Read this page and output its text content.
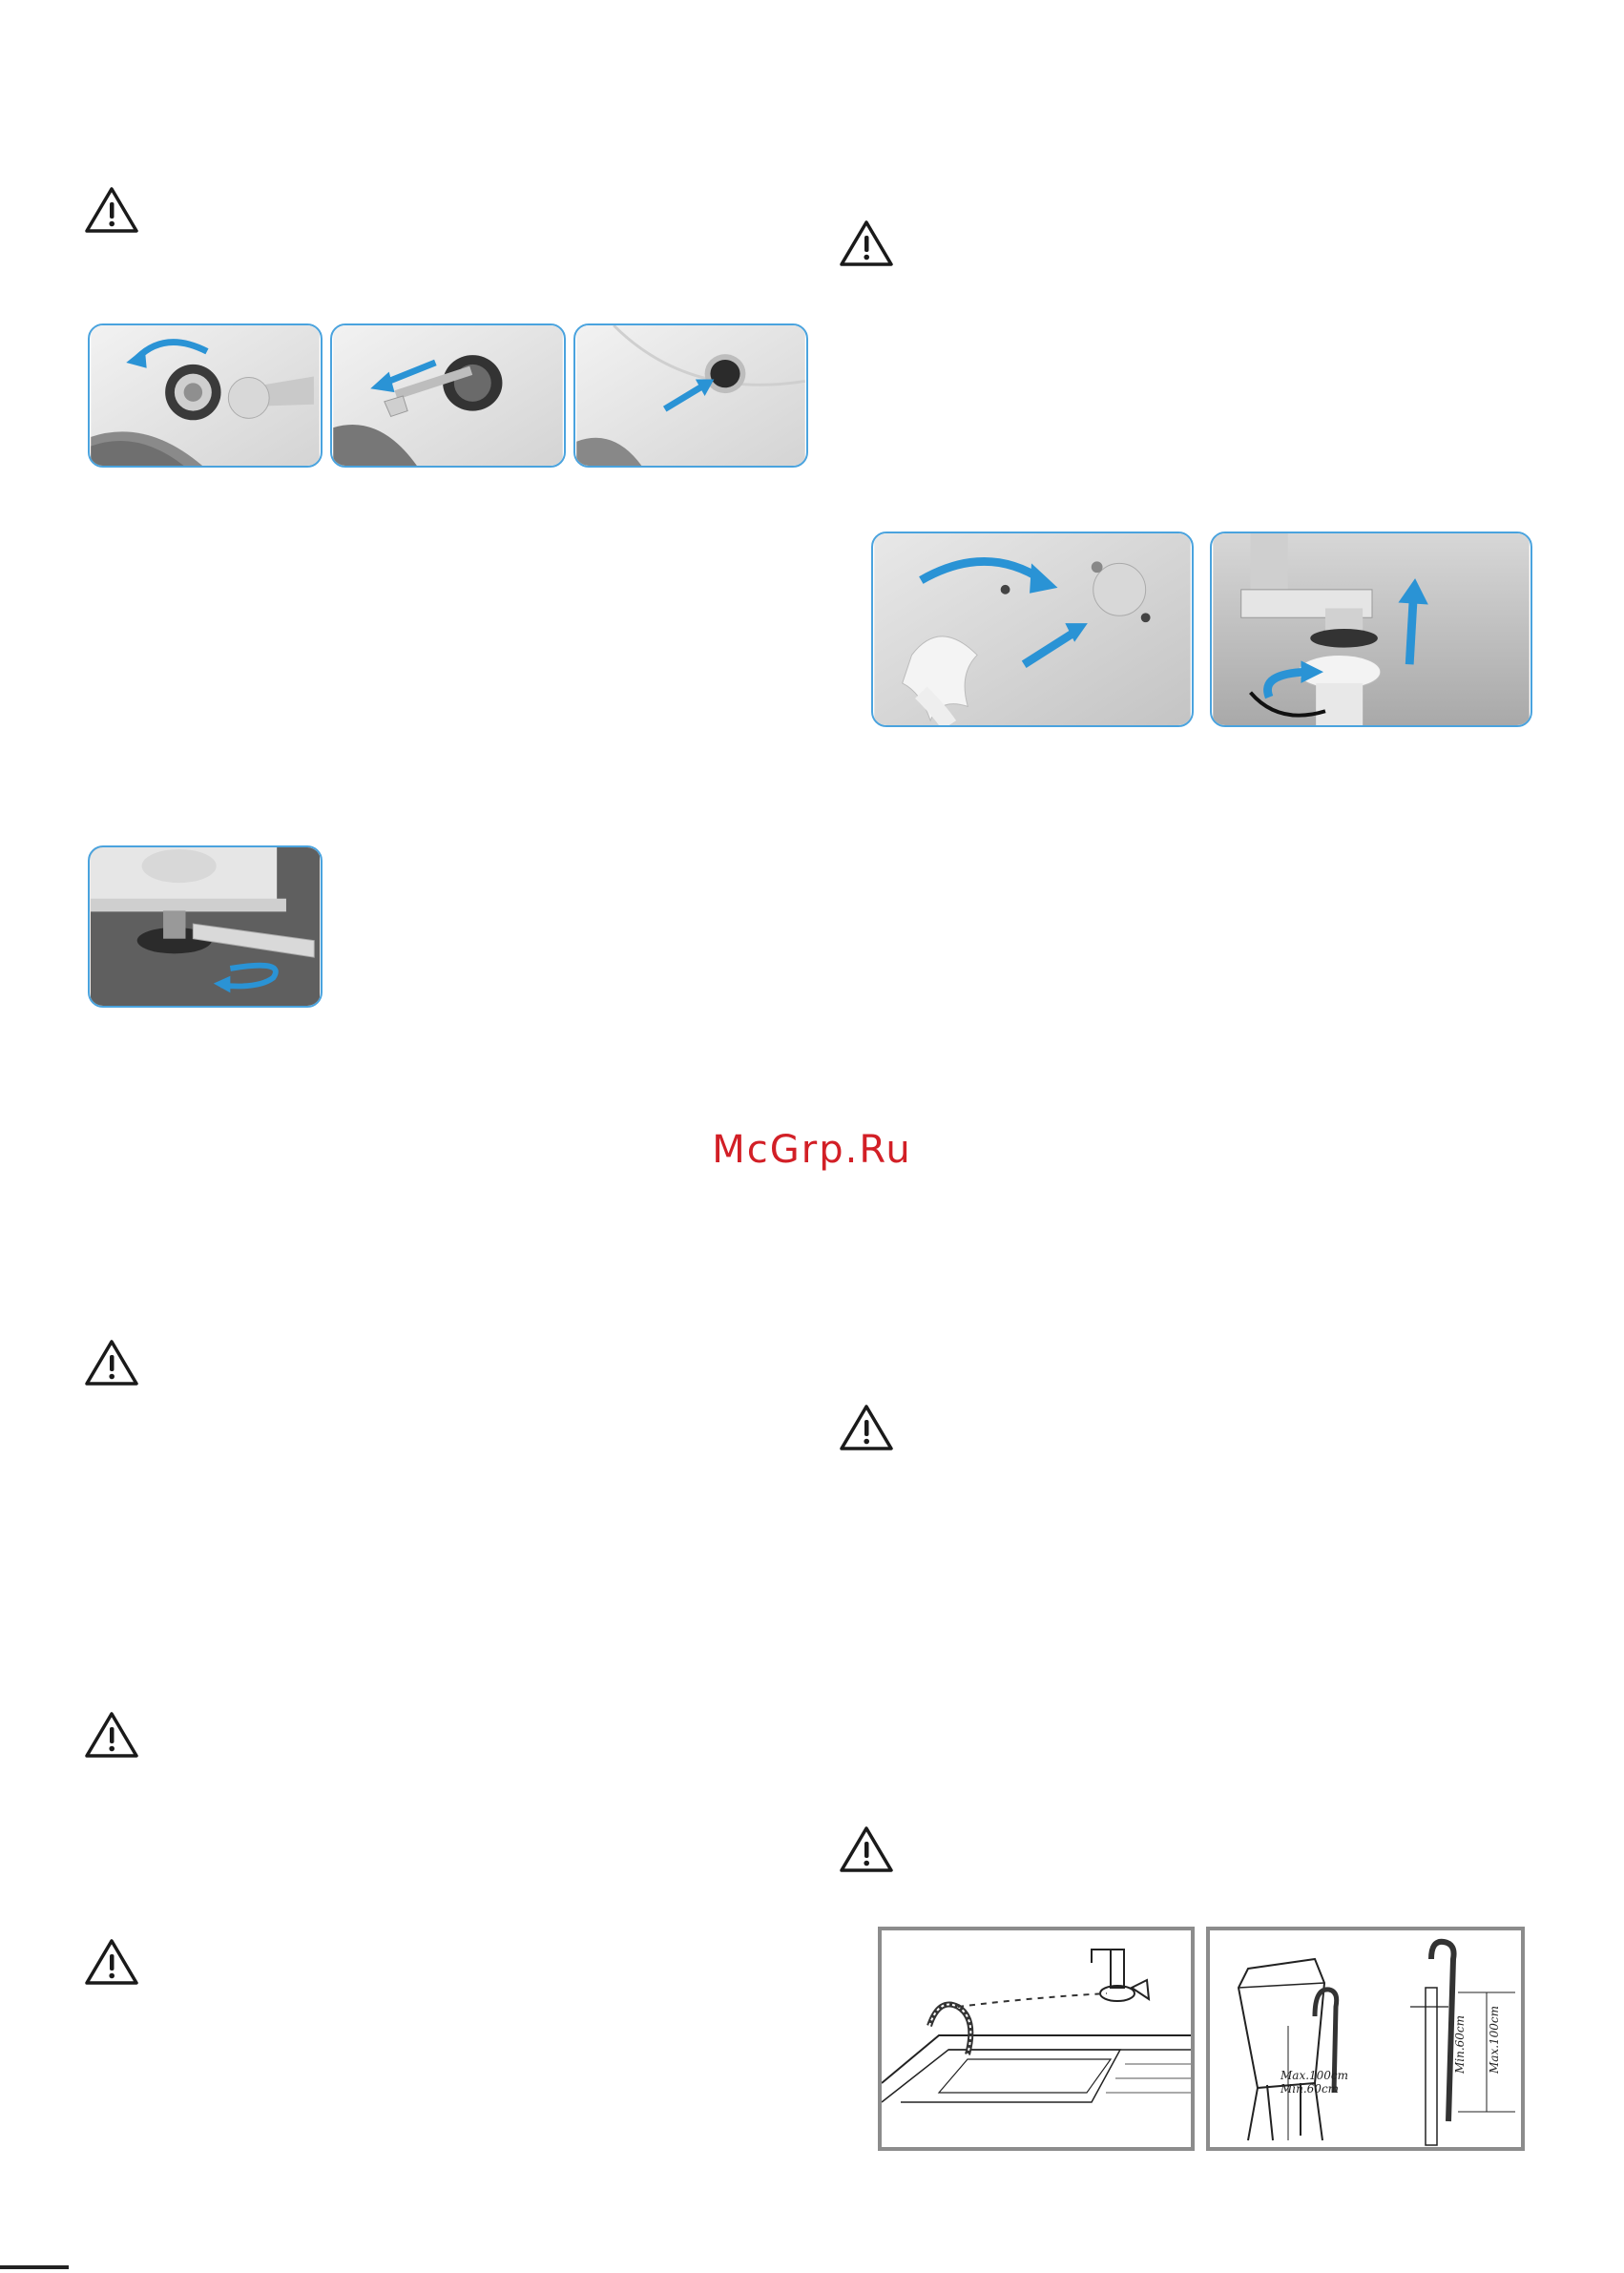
McGrp.Ru
Max.100cm
Min.60cm
Min.60cm Max.100cm
